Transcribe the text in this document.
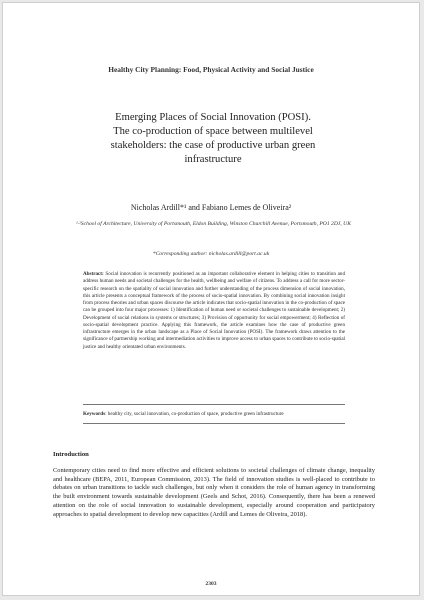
Healthy City Planning: Food, Physical Activity and Social Justice
Emerging Places of Social Innovation (POSI).
The co-production of space between multilevel
stakeholders: the case of productive urban green
infrastructure
Nicholas Ardill*¹ and Fabiano Lemes de Oliveira²
¹·²School of Architecture, University of Portsmouth, Eldon Building, Winston Churchill Avenue, Portsmouth, PO1 2DJ, UK
*Corresponding author: nicholas.ardill@port.ac.uk
Abstract: Social innovation is recurrently positioned as an important collaborative element in helping cities to transition and address human needs and societal challenges for the health, wellbeing and welfare of citizens. To address a call for more sector-specific research on the spatiality of social innovation and further understanding of the process dimension of social innovation, this article presents a conceptual framework of the process of socio-spatial innovation. By combining social innovation insight from process theories and urban spaces discourse the article indicates that socio-spatial innovation in the co-production of space can be grouped into four major processes: 1) Identification of human need or societal challenges to sustainable development; 2) Development of social relations in systems or structures; 3) Provision of opportunity for social empowerment; 4) Reflection of socio-spatial development practice. Applying this framework, the article examines how the case of productive green infrastructure emerges in the urban landscape as a Place of Social Innovation (POSI). The framework draws attention to the significance of partnership working and intermediation activities to improve access to urban spaces to contribute to socio-spatial justice and healthy orientated urban environments.
Keywords: healthy city, social innovation, co-production of space, productive green infrastructure
Introduction
Contemporary cities need to find more effective and efficient solutions to societal challenges of climate change, inequality and healthcare (BEPA, 2011, European Commission, 2013). The field of innovation studies is well-placed to contribute to debates on urban transitions to tackle such challenges, but only when it considers the role of human agency in transforming the built environment towards sustainable development (Geels and Schot, 2016). Consequently, there has been a renewed attention on the role of social innovation to sustainable development, especially around cooperation and participatory approaches to spatial development to develop new capacities (Ardill and Lemes de Oliveira, 2018).
2303
